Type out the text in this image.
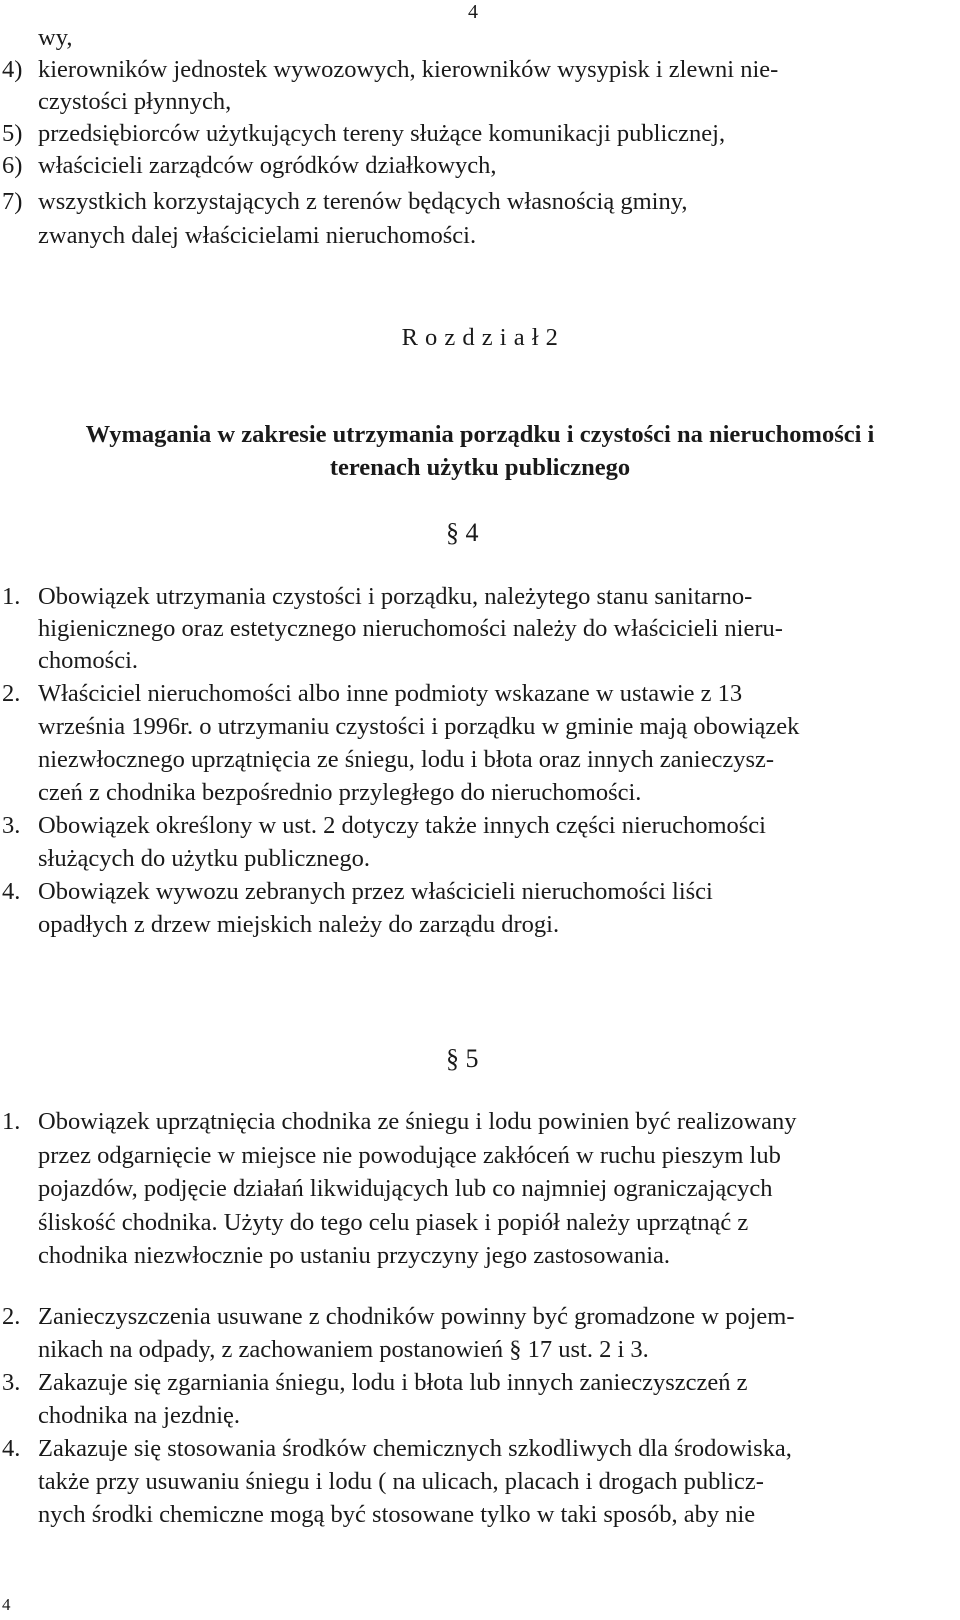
4
wy,
4) kierowników jednostek wywozowych, kierowników wysypisk i zlewni nie-
czystości płynnych,
5) przedsiębiorców użytkujących tereny służące komunikacji publicznej,
6) właścicieli zarządców ogródków działkowych,
7) wszystkich korzystających z terenów będących własnością gminy,
zwanych dalej właścicielami nieruchomości.
R o z d z i a ł 2
Wymagania w zakresie utrzymania porządku i czystości na nieruchomości i
terenach użytku publicznego
§ 4
1. Obowiązek utrzymania czystości i porządku, należytego stanu sanitarno-
higienicznego oraz estetycznego nieruchomości należy do właścicieli nieru-
chomości.
2. Właściciel nieruchomości albo inne podmioty wskazane w ustawie z 13
września 1996r. o utrzymaniu czystości i porządku w gminie mają obowiązek
niezwłocznego uprzątnięcia ze śniegu, lodu i błota oraz innych zanieczysz-
czeń z chodnika bezpośrednio przyległego do nieruchomości.
3. Obowiązek określony w ust. 2 dotyczy także innych części nieruchomości
służących do użytku publicznego.
4. Obowiązek wywozu zebranych przez właścicieli nieruchomości liści
opadłych z drzew miejskich należy do zarządu drogi.
§ 5
1. Obowiązek uprzątnięcia chodnika ze śniegu i lodu powinien być realizowany
przez odgarnięcie w miejsce nie powodujące zakłóceń w ruchu pieszym lub
pojazdów, podjęcie działań likwidujących lub co najmniej ograniczających
śliskość chodnika. Użyty do tego celu piasek i popiół należy uprzątnąć z
chodnika niezwłocznie po ustaniu przyczyny jego zastosowania.
2. Zanieczyszczenia usuwane z chodników powinny być gromadzone w pojem-
nikach na odpady, z zachowaniem postanowień § 17 ust. 2 i 3.
3. Zakazuje się zgarniania śniegu, lodu i błota lub innych zanieczyszczeń z
chodnika na jezdnię.
4. Zakazuje się stosowania środków chemicznych szkodliwych dla środowiska,
także przy usuwaniu śniegu i lodu ( na ulicach, placach i drogach publicz-
nych środki chemiczne mogą być stosowane tylko w taki sposób, aby nie
4
